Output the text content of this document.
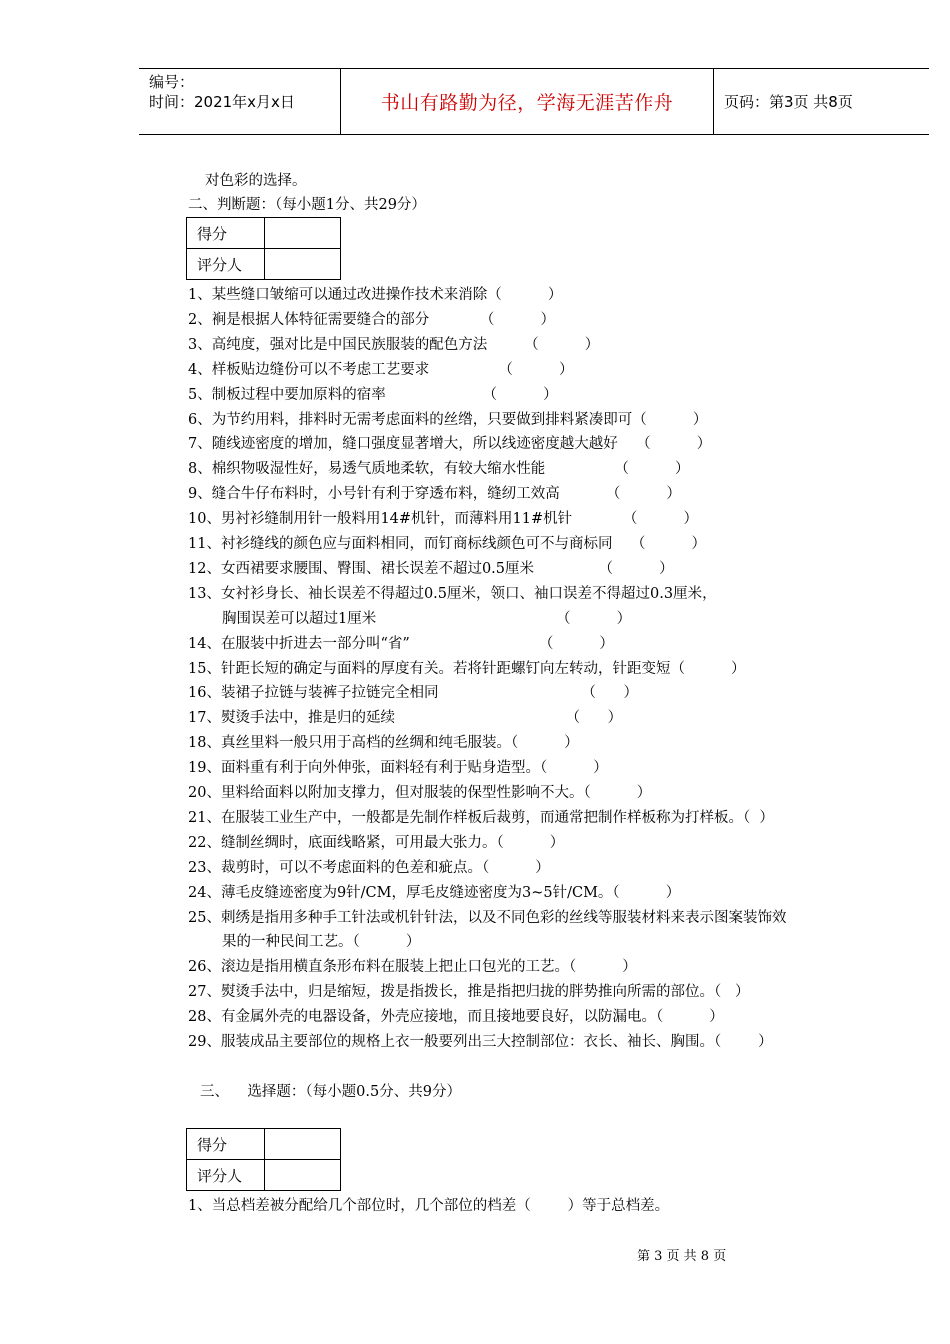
编号：
时间：2021年x月x日	书山有路勤为径，学海无涯苦作舟	页码：第3页 共8页
对色彩的选择。
二、判断题：（每小题1分、共29分）
得分	
评分人	
1、某些缝口皱缩可以通过改进操作技术来消除（          ）
2、裥是根据人体特征需要缝合的部分           （          ）
3、高纯度，强对比是中国民族服装的配色方法        （          ）
4、样板贴边缝份可以不考虑工艺要求               （          ）
5、制板过程中要加原料的宿率                     （          ）
6、为节约用料，排料时无需考虑面料的丝绺，只要做到排料紧凑即可（          ）
7、随线迹密度的增加，缝口强度显著增大，所以线迹密度越大越好    （          ）
8、棉织物吸湿性好，易透气质地柔软，有较大缩水性能               （          ）
9、缝合牛仔布料时，小号针有利于穿透布料，缝纫工效高          （          ）
10、男衬衫缝制用针一般料用14#机针，而薄料用11#机针           （          ）
11、衬衫缝线的颜色应与面料相同，而钉商标线颜色可不与商标同    （          ）
12、女西裙要求腰围、臀围、裙长误差不超过0.5厘米              （          ）
13、女衬衫身长、袖长误差不得超过0.5厘米，领口、袖口误差不得超过0.3厘米，
胸围误差可以超过1厘米                                       （          ）
14、在服装中折进去一部分叫“省”                            （          ）
15、针距长短的确定与面料的厚度有关。若将针距螺钉向左转动，针距变短（          ）
16、装裙子拉链与装裤子拉链完全相同                               （      ）
17、熨烫手法中，推是归的延续                                     （      ）
18、真丝里料一般只用于高档的丝绸和纯毛服装。（          ）
19、面料重有利于向外伸张，面料轻有利于贴身造型。（          ）
20、里料给面料以附加支撑力，但对服装的保型性影响不大。（          ）
21、在服装工业生产中，一般都是先制作样板后裁剪，而通常把制作样板称为打样板。（  ）
22、缝制丝绸时，底面线略紧，可用最大张力。（          ）
23、裁剪时，可以不考虑面料的色差和疵点。（          ）
24、薄毛皮缝迹密度为9针/CM，厚毛皮缝迹密度为3~5针/CM。（          ）
25、刺绣是指用多种手工针法或机针针法，以及不同色彩的丝线等服装材料来表示图案装饰效
果的一种民间工艺。（          ）
26、滚边是指用横直条形布料在服装上把止口包光的工艺。（          ）
27、熨烫手法中，归是缩短，拨是指拨长，推是指把归拢的胖势推向所需的部位。（   ）
28、有金属外壳的电器设备，外壳应接地，而且接地要良好，以防漏电。（          ）
29、服装成品主要部位的规格上衣一般要列出三大控制部位：衣长、袖长、胸围。（        ）
三、    选择题：（每小题0.5分、共9分）
得分	
评分人	
1、当总档差被分配给几个部位时，几个部位的档差（        ）等于总档差。
第 3 页 共 8 页
